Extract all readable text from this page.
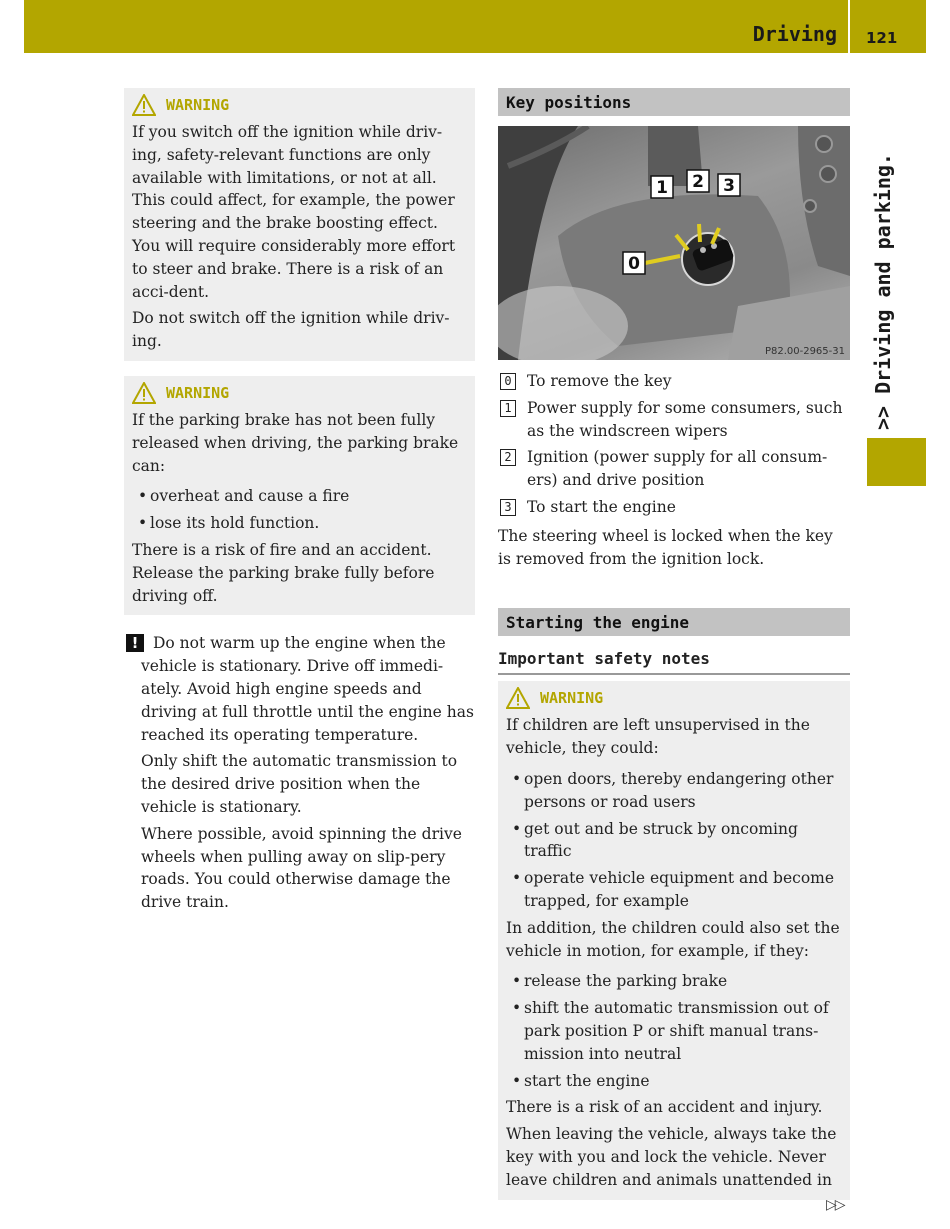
Driving 121
>> Driving and parking.
WARNING

If you switch off the ignition while driv-ing, safety-relevant functions are only available with limitations, or not at all. This could affect, for example, the power steering and the brake boosting effect. You will require considerably more effort to steer and brake. There is a risk of an acci-dent.

Do not switch off the ignition while driv-ing.

WARNING

If the parking brake has not been fully released when driving, the parking brake can:

• overheat and cause a fire
• lose its hold function.

There is a risk of fire and an accident. Release the parking brake fully before driving off.

! Do not warm up the engine when the vehicle is stationary. Drive off immedi-ately. Avoid high engine speeds and driving at full throttle until the engine has reached its operating temperature.

Only shift the automatic transmission to the desired drive position when the vehicle is stationary.

Where possible, avoid spinning the drive wheels when pulling away on slip-pery roads. You could otherwise damage the drive train.

Key positions
1 2 3
0
P82.00-2965-31
0 To remove the key
1 Power supply for some consumers, such as the windscreen wipers
2 Ignition (power supply for all consum-ers) and drive position
3 To start the engine

The steering wheel is locked when the key is removed from the ignition lock.

Starting the engine
Important safety notes
WARNING

If children are left unsupervised in the vehicle, they could:

• open doors, thereby endangering other persons or road users
• get out and be struck by oncoming traffic
• operate vehicle equipment and become trapped, for example

In addition, the children could also set the vehicle in motion, for example, if they:

• release the parking brake
• shift the automatic transmission out of park position P or shift manual trans-mission into neutral
• start the engine

There is a risk of an accident and injury.

When leaving the vehicle, always take the key with you and lock the vehicle. Never leave children and animals unattended in

▷▷
